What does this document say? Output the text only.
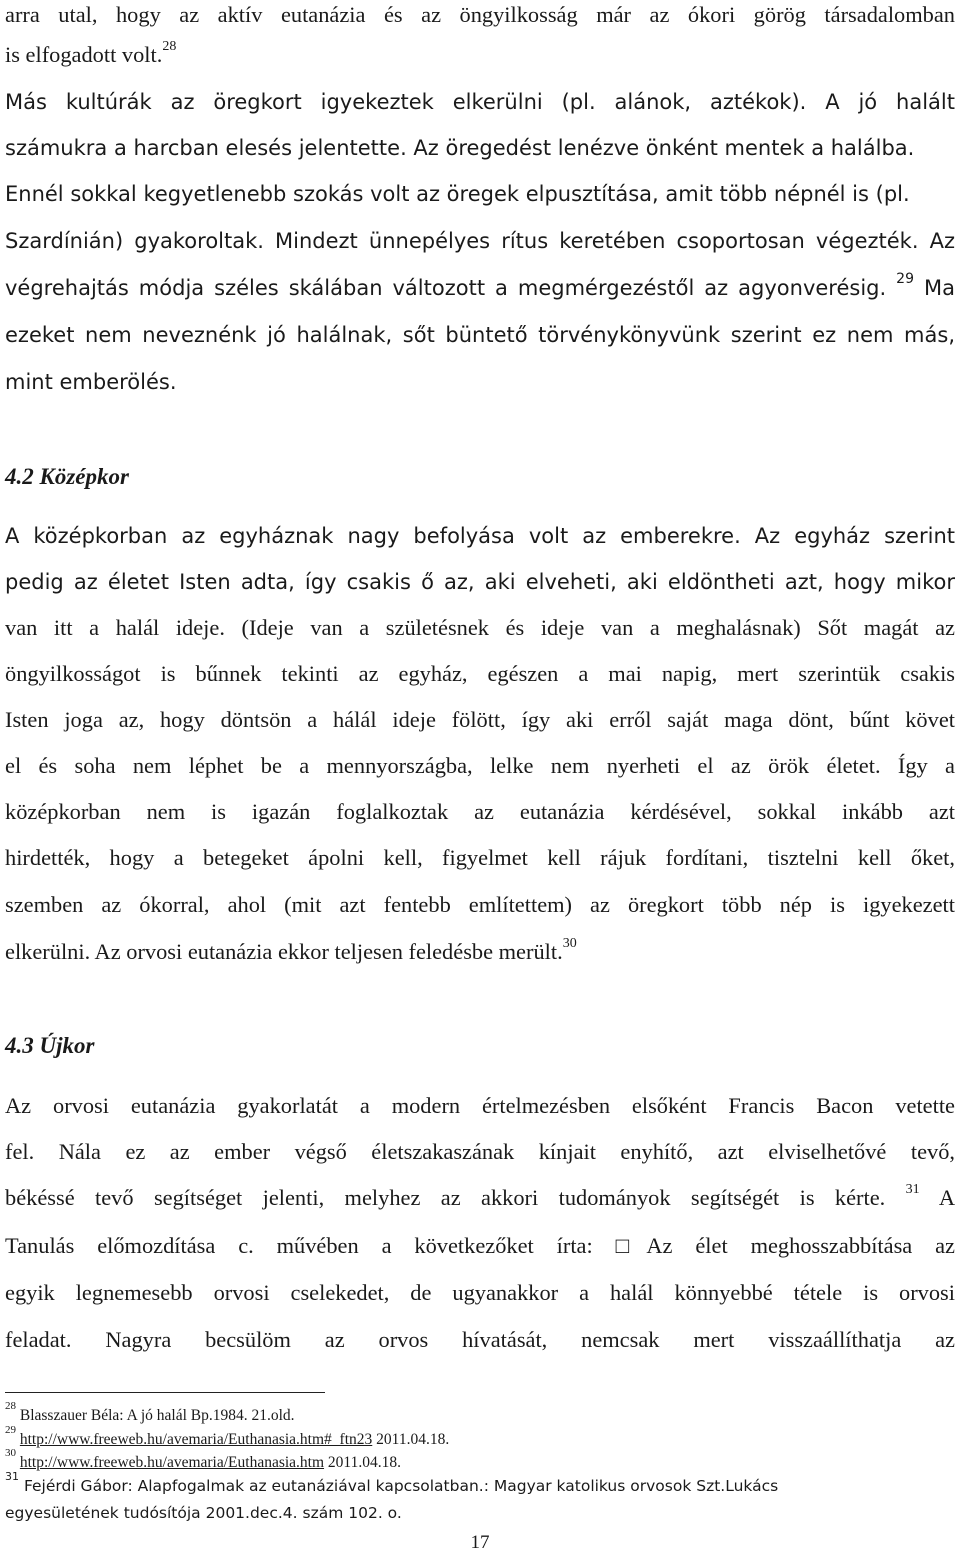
arra utal, hogy az aktív eutanázia és az öngyilkosság már az ókori görög társadalomban
is elfogadott volt.$^{28}$
Más kultúrák az öregkort igyekeztek elkerülni (pl. alánok, aztékok). A jó halált
számukra a harcban elesés jelentette. Az öregedést lenézve önként mentek a halálba.
Ennél sokkal kegyetlenebb szokás volt az öregek elpusztítása, amit több népnél is (pl.
Szardínián) gyakoroltak. Mindezt ünnepélyes rítus keretében csoportosan végezték. Az
végrehajtás módja széles skálában változott a megmérgezéstől az agyonverésig. $^{29}$ Ma
ezeket nem neveznénk jó halálnak, sőt büntető törvénykönyvünk szerint ez nem más,
mint emberölés.
4.2 Középkor
A középkorban az egyháznak nagy befolyása volt az emberekre. Az egyház szerint
pedig az életet Isten adta, így csakis ő az, aki elveheti, aki eldöntheti azt, hogy mikor
van itt a halál ideje. (Ideje van a születésnek és ideje van a meghalásnak) Sőt magát az
öngyilkosságot is bűnnek tekinti az egyház, egészen a mai napig, mert szerintük csakis
Isten joga az, hogy döntsön a hálál ideje fölött, így aki erről saját maga dönt, bűnt követ
el és soha nem léphet be a mennyországba, lelke nem nyerheti el az örök életet. Így a
középkorban nem is igazán foglalkoztak az eutanázia kérdésével, sokkal inkább azt
hirdették, hogy a betegeket ápolni kell, figyelmet kell rájuk fordítani, tisztelni kell őket,
szemben az ókorral, ahol (mit azt fentebb említettem) az öregkort több nép is igyekezett
elkerülni. Az orvosi eutanázia ekkor teljesen feledésbe merült.$^{30}$
4.3 Újkor
Az orvosi eutanázia gyakorlatát a modern értelmezésben elsőként Francis Bacon vetette
fel. Nála ez az ember végső életszakaszának kínjait enyhítő, azt elviselhetővé tevő,
békéssé tevő segítséget jelenti, melyhez az akkori tudományok segítségét is kérte. $^{31}$ A
Tanulás előmozdítása c. művében a következőket írta: □Az élet meghosszabbítása az
egyik legnemesebb orvosi cselekedet, de ugyanakkor a halál könnyebbé tétele is orvosi
feladat. Nagyra becsülöm az orvos hívatását, nemcsak mert visszaállíthatja az
$^{28}$ Blasszauer Béla: A jó halál Bp.1984. 21.old.
$^{29}$ http://www.freeweb.hu/avemaria/Euthanasia.htm#_ftn23 2011.04.18.
$^{30}$ http://www.freeweb.hu/avemaria/Euthanasia.htm 2011.04.18.
$^{31}$ Fejérdi Gábor: Alapfogalmak az eutanáziával kapcsolatban.: Magyar katolikus orvosok Szt.Lukács
egyesületének tudósítója 2001.dec.4. szám 102. o.
17
